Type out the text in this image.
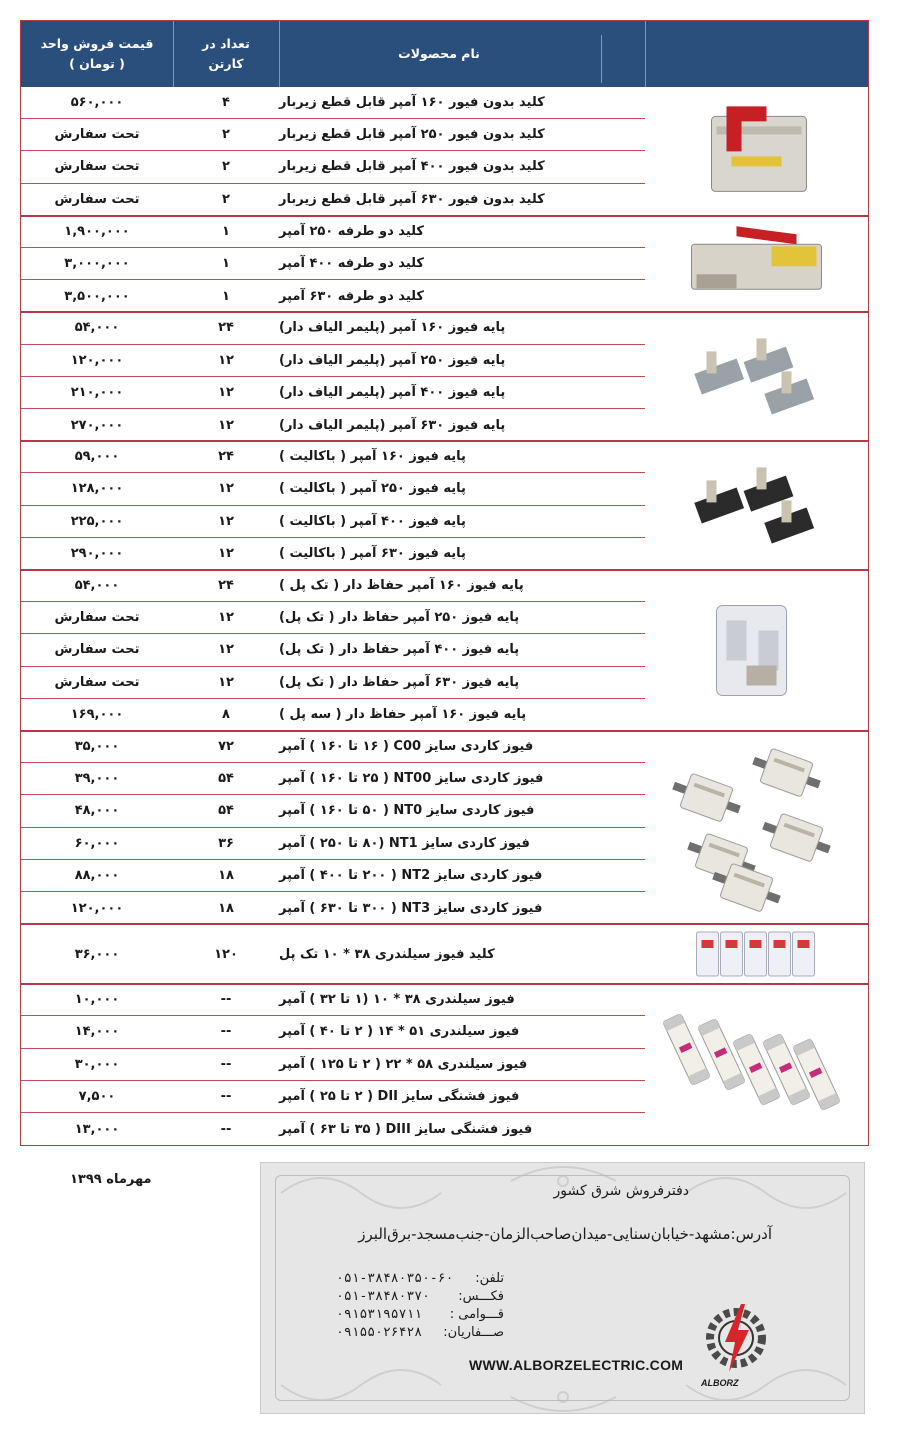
قیمت فروش واحد
( تومان )
تعداد در
کارتن
نام محصولات
۵۶۰,۰۰۰	۴	کلید بدون فیور ۱۶۰ آمپر قابل قطع زیربار
تحت سفارش	۲	کلید بدون فیور ۲۵۰ آمپر قابل قطع زیربار
تحت سفارش	۲	کلید بدون فیور ۴۰۰ آمپر قابل قطع زیربار
تحت سفارش	۲	کلید بدون فیور ۶۳۰ آمپر قابل قطع زیربار
۱,۹۰۰,۰۰۰	۱	کلید دو طرفه ۲۵۰ آمپر
۳,۰۰۰,۰۰۰	۱	کلید دو طرفه ۴۰۰ آمپر
۳,۵۰۰,۰۰۰	۱	کلید دو طرفه ۶۳۰ آمپر
۵۴,۰۰۰	۲۴	پایه فیوز ۱۶۰ آمپر (پلیمر الیاف دار)
۱۲۰,۰۰۰	۱۲	پایه فیوز ۲۵۰ آمپر (پلیمر الیاف دار)
۲۱۰,۰۰۰	۱۲	پایه فیوز ۴۰۰ آمپر (پلیمر الیاف دار)
۲۷۰,۰۰۰	۱۲	پایه فیوز ۶۳۰ آمپر (پلیمر الیاف دار)
۵۹,۰۰۰	۲۴	پایه فیوز ۱۶۰ آمپر ( باکالیت )
۱۲۸,۰۰۰	۱۲	پایه فیوز ۲۵۰ آمپر ( باکالیت )
۲۲۵,۰۰۰	۱۲	پایه فیوز ۴۰۰ آمپر ( باکالیت )
۲۹۰,۰۰۰	۱۲	پایه فیوز ۶۳۰ آمپر ( باکالیت )
۵۴,۰۰۰	۲۴	پایه فیوز ۱۶۰ آمپر حفاظ دار ( تک پل )
تحت سفارش	۱۲	پایه فیوز ۲۵۰ آمپر حفاظ دار ( تک پل)
تحت سفارش	۱۲	پایه فیوز ۴۰۰ آمپر حفاظ دار ( تک پل)
تحت سفارش	۱۲	پایه فیوز ۶۳۰ آمپر حفاظ دار ( تک پل)
۱۶۹,۰۰۰	۸	پایه فیوز ۱۶۰ آمپر حفاظ دار ( سه پل )
۳۵,۰۰۰	۷۲	فیوز کاردی سایز C00 ( ۱۶ تا ۱۶۰ ) آمپر
۳۹,۰۰۰	۵۴	فیوز کاردی سایز NT00 ( ۲۵ تا ۱۶۰ ) آمپر
۴۸,۰۰۰	۵۴	فیوز کاردی سایز NT0 ( ۵۰ تا ۱۶۰ ) آمپر
۶۰,۰۰۰	۳۶	فیوز کاردی سایز NT1 (۸۰ تا ۲۵۰ ) آمپر
۸۸,۰۰۰	۱۸	فیوز کاردی سایز NT2 ( ۲۰۰ تا ۴۰۰ ) آمپر
۱۲۰,۰۰۰	۱۸	فیوز کاردی سایز NT3 ( ۳۰۰ تا ۶۳۰ ) آمپر
۳۶,۰۰۰	۱۲۰	کلید فیوز سیلندری ۳۸ * ۱۰ تک پل
۱۰,۰۰۰	--	فیوز سیلندری ۳۸ * ۱۰ (۱ تا ۳۲ ) آمپر
۱۴,۰۰۰	--	فیوز سیلندری ۵۱ * ۱۴ ( ۲ تا ۴۰ ) آمپر
۳۰,۰۰۰	--	فیوز سیلندری ۵۸ * ۲۲ ( ۲ تا ۱۲۵ ) آمپر
۷,۵۰۰	--	فیوز فشنگی سایز DII ( ۲ تا ۲۵ ) آمپر
۱۳,۰۰۰	--	فیوز فشنگی سایز DIII ( ۳۵ تا ۶۳ ) آمپر
مهرماه ۱۳۹۹
دفترفروش شرق کشور
آدرس:مشهد-خیابان‌سنایی-میدان‌صاحب‌الزمان-جنب‌مسجد-برق‌البرز
تلفن:
۰۵۱-۳۸۴۸۰۳۵۰-۶۰
فکـــس:
۰۵۱-۳۸۴۸۰۳۷۰
قـــوامی :
۰۹۱۵۳۱۹۵۷۱۱
صـــفاریان:
۰۹۱۵۵۰۲۶۴۲۸
WWW.ALBORZELECTRIC.COM
ALBORZ
